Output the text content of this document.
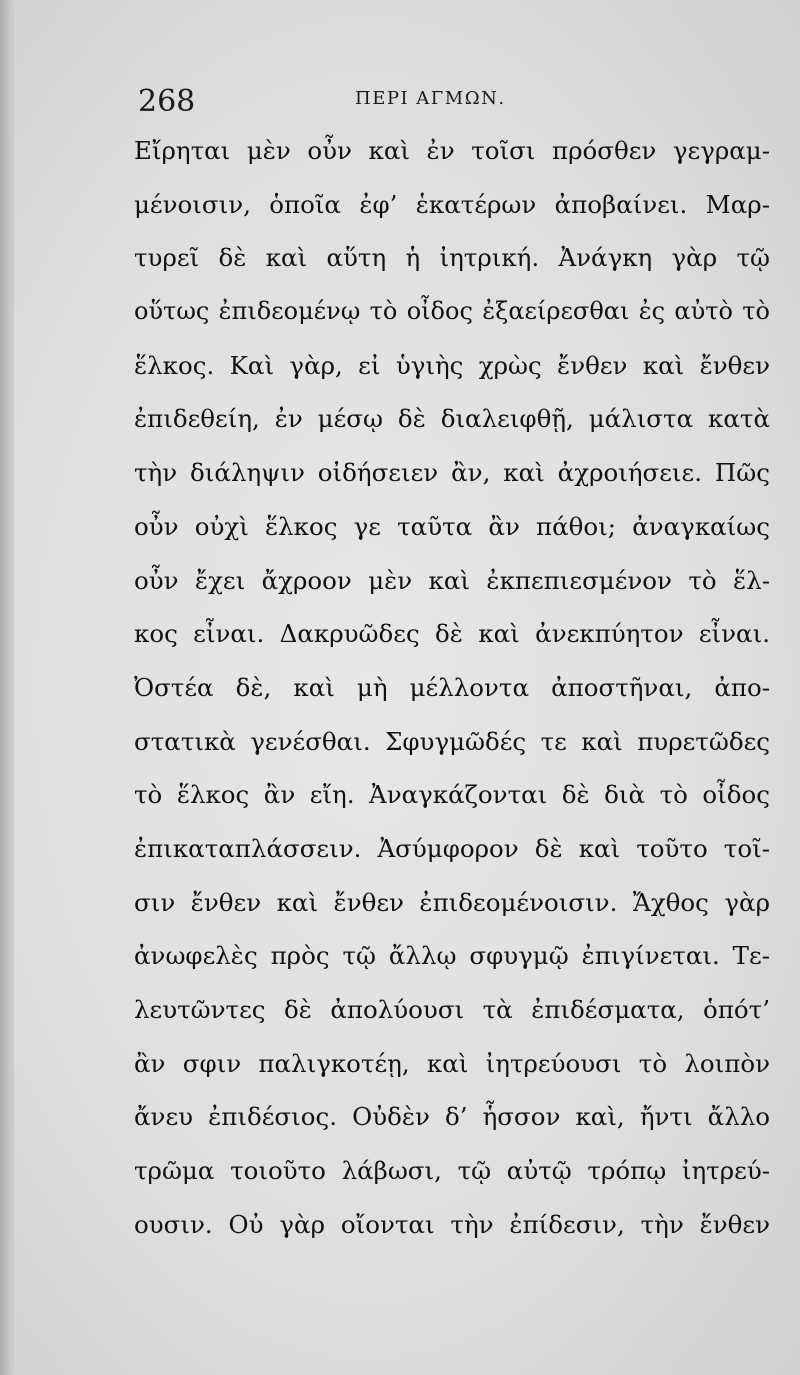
268	ΠΕΡΙ ΑΓΜΩΝ.
Εἴρηται μὲν οὖν καὶ ἐν τοῖσι πρόσθεν γεγραμ-
μένοισιν, ὁποῖα ἐφ’ ἑκατέρων ἀποβαίνει. Μαρ-
τυρεῖ δὲ καὶ αὕτη ἡ ἰητρική. Ἀνάγκη γὰρ τῷ
οὕτως ἐπιδεομένῳ τὸ οἶδος ἐξαείρεσθαι ἐς αὐτὸ τὸ
ἕλκος. Καὶ γὰρ, εἰ ὑγιὴς χρὼς ἔνθεν καὶ ἔνθεν
ἐπιδεθείη, ἐν μέσῳ δὲ διαλειφθῇ, μάλιστα κατὰ
τὴν διάληψιν οἰδήσειεν ἂν, καὶ ἀχροιήσειε. Πῶς
οὖν οὐχὶ ἕλκος γε ταῦτα ἂν πάθοι; ἀναγκαίως
οὖν ἔχει ἄχροον μὲν καὶ ἐκπεπιεσμένον τὸ ἕλ-
κος εἶναι. Δακρυῶδες δὲ καὶ ἀνεκπύητον εἶναι.
Ὀστέα δὲ, καὶ μὴ μέλλοντα ἀποστῆναι, ἀπο-
στατικὰ γενέσθαι. Σφυγμῶδές τε καὶ πυρετῶδες
τὸ ἕλκος ἂν εἴη. Ἀναγκάζονται δὲ διὰ τὸ οἶδος
ἐπικαταπλάσσειν. Ἀσύμφορον δὲ καὶ τοῦτο τοῖ-
σιν ἔνθεν καὶ ἔνθεν ἐπιδεομένοισιν. Ἄχθος γὰρ
ἀνωφελὲς πρὸς τῷ ἄλλῳ σφυγμῷ ἐπιγίνεται. Τε-
λευτῶντες δὲ ἀπολύουσι τὰ ἐπιδέσματα, ὁπότ’
ἂν σφιν παλιγκοτέῃ, καὶ ἰητρεύουσι τὸ λοιπὸν
ἄνευ ἐπιδέσιος. Οὐδὲν δ’ ἧσσον καὶ, ἤντι ἄλλο
τρῶμα τοιοῦτο λάβωσι, τῷ αὐτῷ τρόπῳ ἰητρεύ-
ουσιν. Οὐ γὰρ οἴονται τὴν ἐπίδεσιν, τὴν ἔνθεν
